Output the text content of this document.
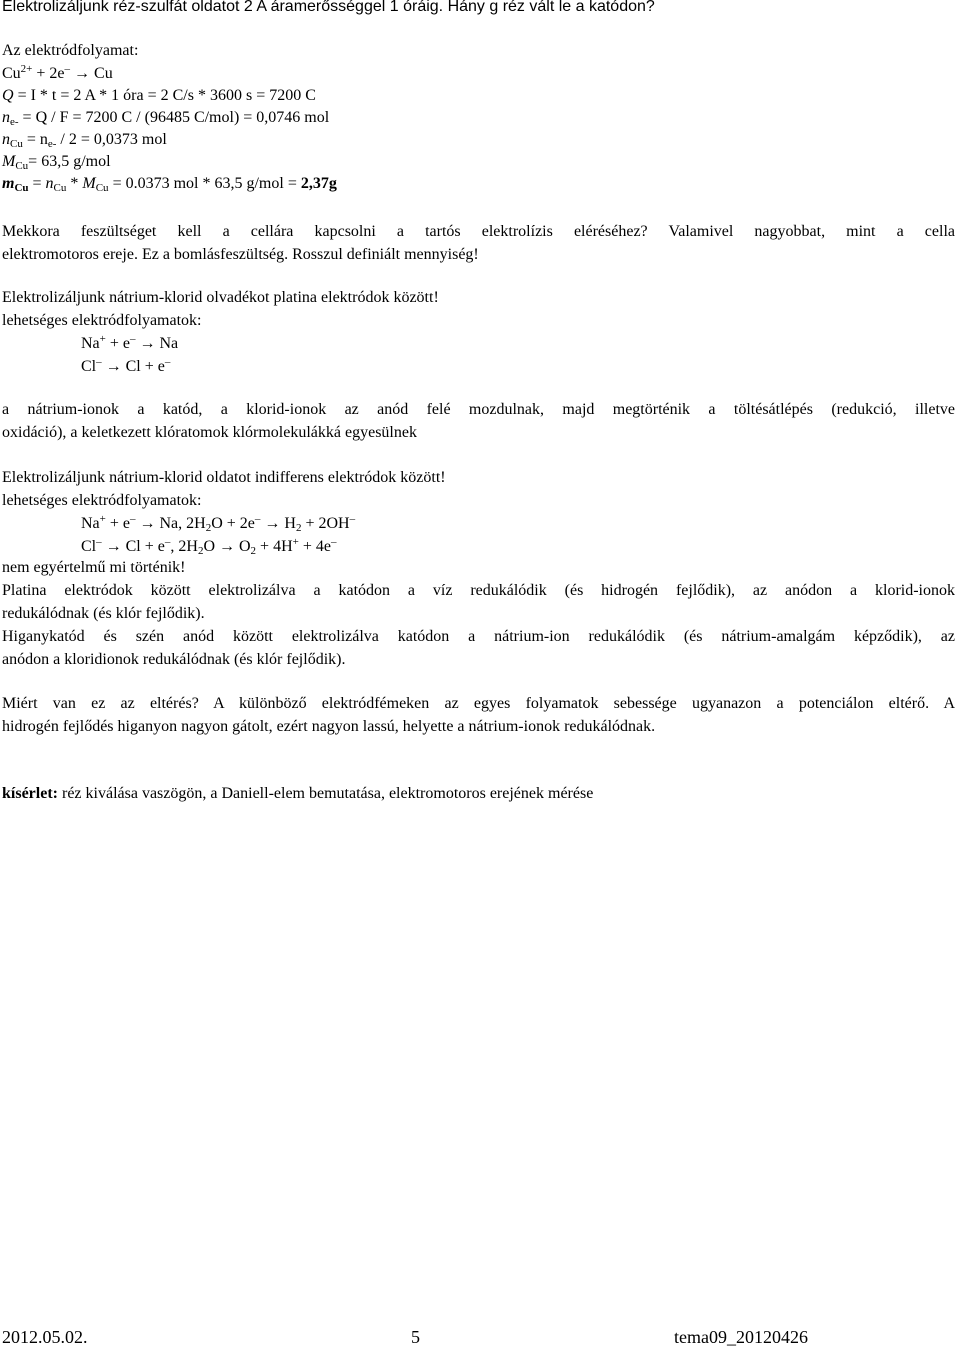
Elektrolizáljunk réz-szulfát oldatot 2 A áramerősséggel 1 óráig. Hány g réz vált le a katódon?
Az elektródfolyamat:
$Cu^{2+} + 2e^- \to Cu$
Q = I * t = 2 A * 1 óra = 2 C/s * 3600 s = 7200 C
$n_{e-} = Q / F = 7200$ C / (96485 C/mol) = 0,0746 mol
$n_{Cu} = n_{e-} / 2 = 0,0373$ mol
$M_{Cu}= 63,5$ g/mol
$m_{Cu} = n_{Cu} * M_{Cu} = 0.0373$ mol * 63,5 g/mol = 2,37g
Mekkora feszültséget kell a cellára kapcsolni a tartós elektrolízis eléréséhez? Valamivel nagyobbat, mint a cella
elektromotoros ereje. Ez a bomlásfeszültség. Rosszul definiált mennyiség!
Elektrolizáljunk nátrium-klorid olvadékot platina elektródok között!
lehetséges elektródfolyamatok:
Na+ + e– → Na
Cl– → Cl + e–
a nátrium-ionok a katód, a klorid-ionok az anód felé mozdulnak, majd megtörténik a töltésátlépés (redukció, illetve
oxidáció), a keletkezett klóratomok klórmolekulákká egyesülnek
Elektrolizáljunk nátrium-klorid oldatot indifferens elektródok között!
lehetséges elektródfolyamatok:
Na+ + e– → Na, $2H_2O + 2e^- \to H_2 + 2OH^-$
Cl– → Cl + e–, $2H_2O \to O_2 + 4H^+ + 4e^-$
nem egyértelmű mi történik!
Platina elektródok között elektrolizálva a katódon a víz redukálódik (és hidrogén fejlődik), az anódon a klorid-ionok
redukálódnak (és klór fejlődik).
Higanykatód és szén anód között elektrolizálva katódon a nátrium-ion redukálódik (és nátrium-amalgám képződik), az
anódon a kloridionok redukálódnak (és klór fejlődik).
Miért van ez az eltérés? A különböző elektródfémeken az egyes folyamatok sebessége ugyanazon a potenciálon eltérő. A
hidrogén fejlődés higanyon nagyon gátolt, ezért nagyon lassú, helyette a nátrium-ionok redukálódnak.
kísérlet: réz kiválása vaszögön, a Daniell-elem bemutatása, elektromotoros erejének mérése
2012.05.02.	5	tema09_20120426
